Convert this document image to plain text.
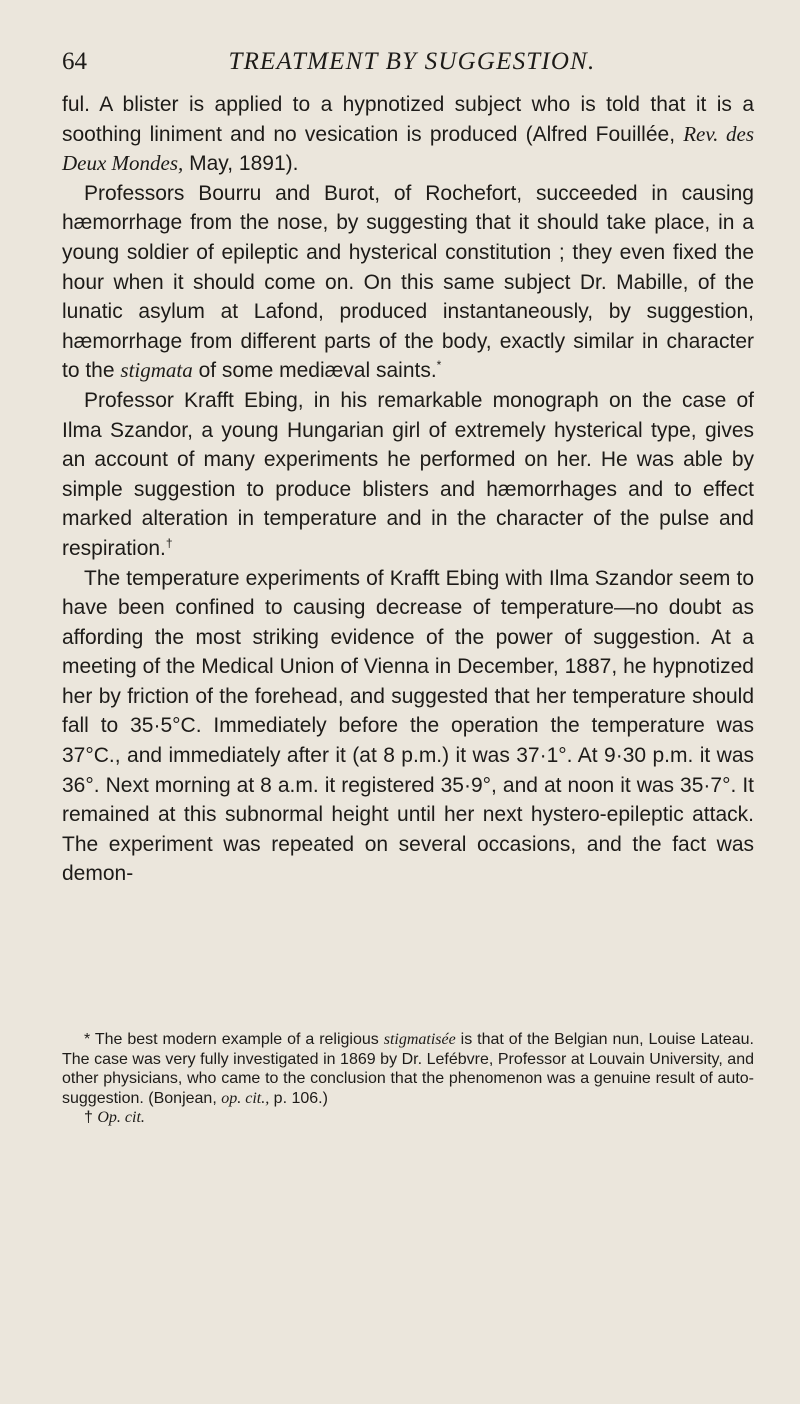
64	TREATMENT BY SUGGESTION.

ful. A blister is applied to a hypnotized subject who is told that it is a soothing liniment and no vesication is produced (Alfred Fouillée, Rev. des Deux Mondes, May, 1891).

Professors Bourru and Burot, of Rochefort, succeeded in causing hæmorrhage from the nose, by suggesting that it should take place, in a young soldier of epileptic and hysterical constitution ; they even fixed the hour when it should come on. On this same subject Dr. Mabille, of the lunatic asylum at Lafond, produced instantaneously, by suggestion, hæmorrhage from different parts of the body, exactly similar in character to the stigmata of some mediæval saints.*

Professor Krafft Ebing, in his remarkable monograph on the case of Ilma Szandor, a young Hungarian girl of extremely hysterical type, gives an account of many experiments he performed on her. He was able by simple suggestion to produce blisters and hæmorrhages and to effect marked alteration in temperature and in the character of the pulse and respiration.†

The temperature experiments of Krafft Ebing with Ilma Szandor seem to have been confined to causing decrease of temperature—no doubt as affording the most striking evidence of the power of suggestion. At a meeting of the Medical Union of Vienna in December, 1887, he hypnotized her by friction of the forehead, and suggested that her temperature should fall to 35·5°C. Immediately before the operation the temperature was 37°C., and immediately after it (at 8 p.m.) it was 37·1°. At 9·30 p.m. it was 36°. Next morning at 8 a.m. it registered 35·9°, and at noon it was 35·7°. It remained at this subnormal height until her next hystero-epileptic attack. The experiment was repeated on several occasions, and the fact was demon-

* The best modern example of a religious stigmatisée is that of the Belgian nun, Louise Lateau. The case was very fully investigated in 1869 by Dr. Lefébvre, Professor at Louvain University, and other physicians, who came to the conclusion that the phenomenon was a genuine result of auto-suggestion. (Bonjean, op. cit., p. 106.)

† Op. cit.
